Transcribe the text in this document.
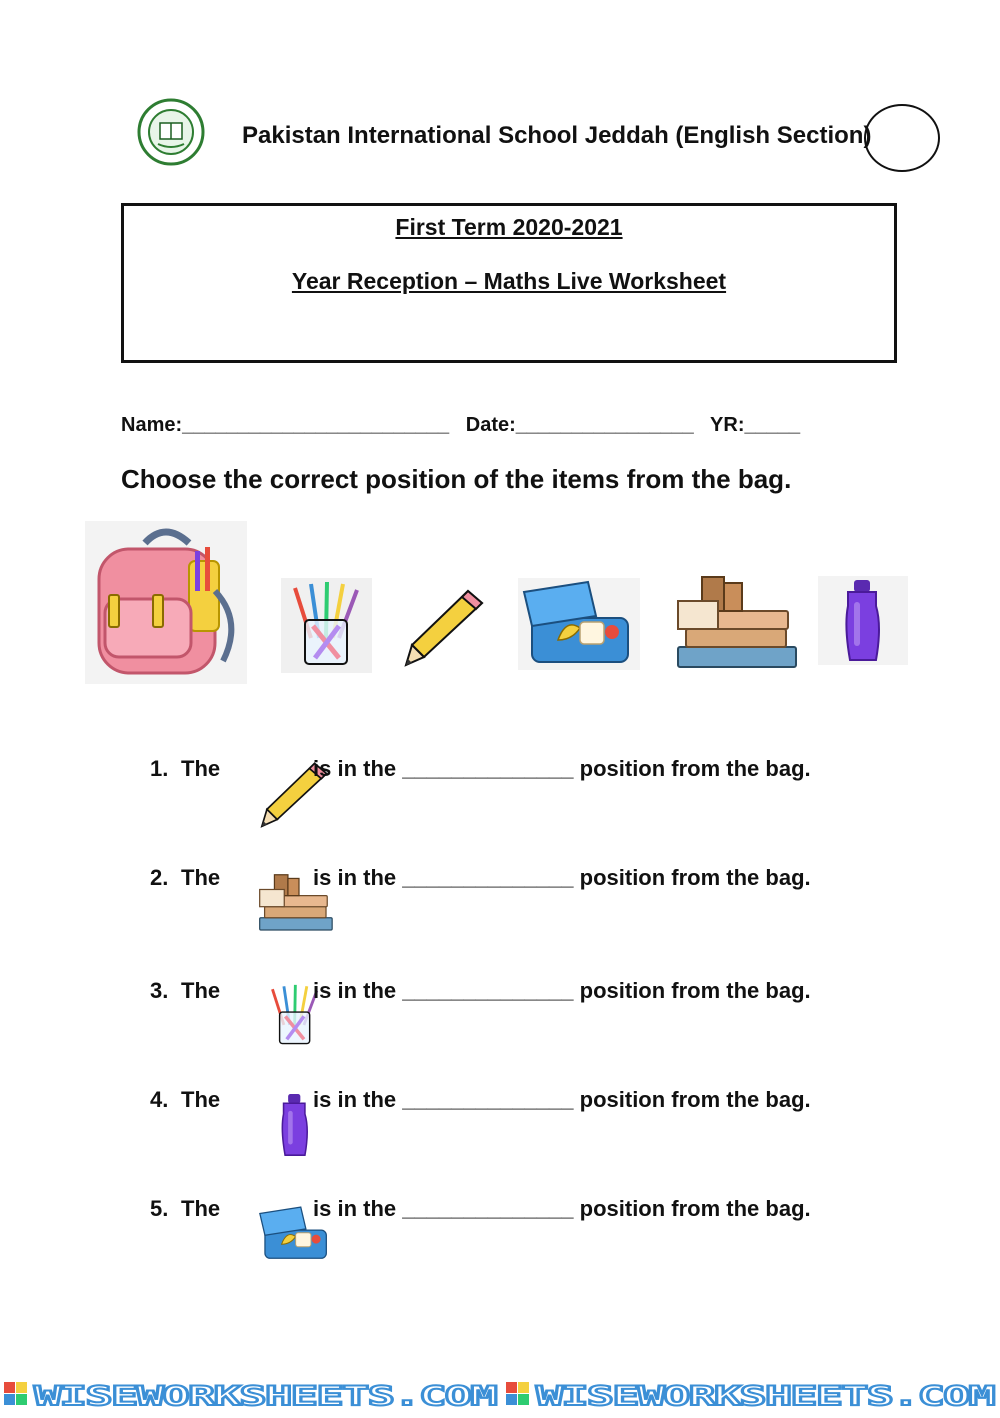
Pakistan International School Jeddah (English Section)
First Term 2020-2021
Year Reception – Maths Live Worksheet
Name:________________________   Date:________________   YR:_____
Choose the correct position of the items from the bag.

1.

The

	is in the ______________ position from the bag.

2.

The

	is in the ______________ position from the bag.

3.

The

	is in the ______________ position from the bag.

4.

The

	is in the ______________ position from the bag.

5.

The

	is in the ______________ position from the bag.

WISEWORKSHEETS.COM WISEWORKSHEETS.COM
